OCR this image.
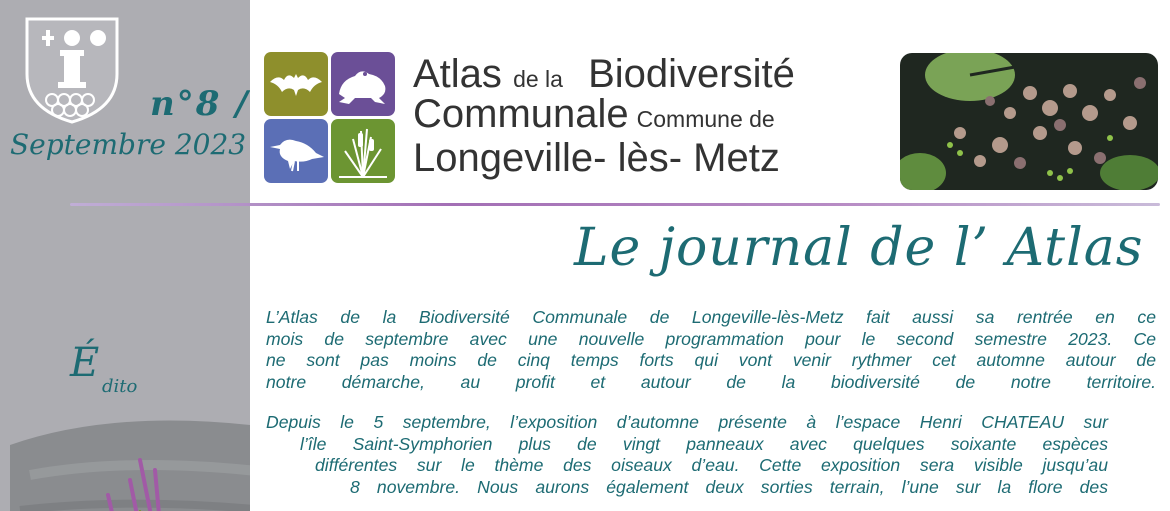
n°8 /
Septembre 2023
É
dito
Atlas de la Biodiversité
Communale Commune de
Longeville- lès- Metz
Le journal de l’ Atlas
L’Atlas de la Biodiversité Communale de Longeville-lès-Metz fait aussi sa rentrée en ce
mois de septembre avec une nouvelle programmation pour le second semestre 2023. Ce
ne sont pas moins de cinq temps forts qui vont venir rythmer cet automne autour de
notre démarche, au profit et autour de la biodiversité de notre territoire.
Depuis le 5 septembre, l’exposition d’automne présente à l’espace Henri CHATEAU sur
l’île Saint-Symphorien plus de vingt panneaux avec quelques soixante espèces
différentes sur le thème des oiseaux d’eau. Cette exposition sera visible jusqu’au
8 novembre. Nous aurons également deux sorties terrain, l’une sur la flore des
